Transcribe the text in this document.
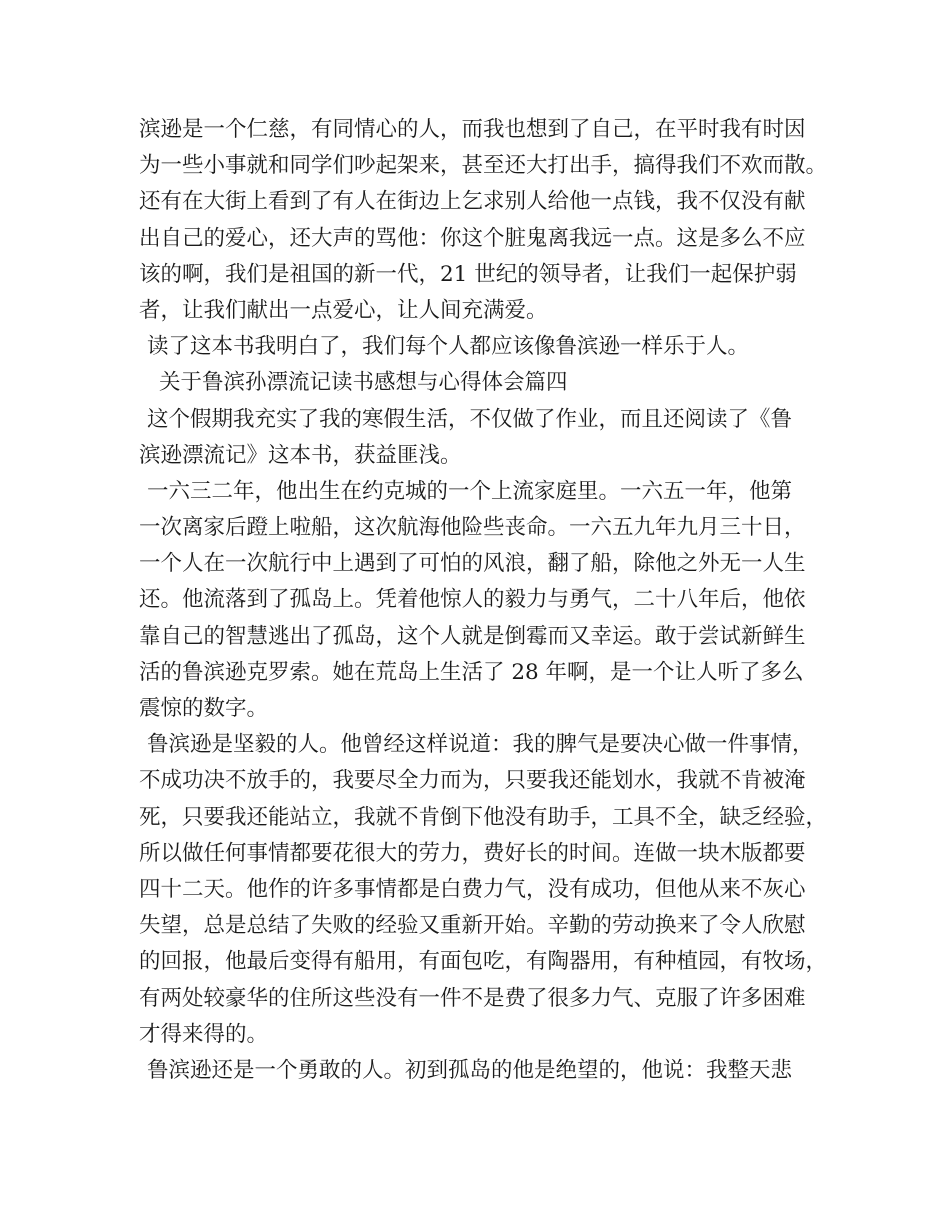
滨逊是一个仁慈，有同情心的人，而我也想到了自己，在平时我有时因
为一些小事就和同学们吵起架来，甚至还大打出手，搞得我们不欢而散。
还有在大街上看到了有人在街边上乞求别人给他一点钱，我不仅没有献
出自己的爱心，还大声的骂他：你这个脏鬼离我远一点。这是多么不应
该的啊，我们是祖国的新一代，21 世纪的领导者，让我们一起保护弱
者，让我们献出一点爱心，让人间充满爱。
读了这本书我明白了，我们每个人都应该像鲁滨逊一样乐于人。
关于鲁滨孙漂流记读书感想与心得体会篇四
这个假期我充实了我的寒假生活，不仅做了作业，而且还阅读了《鲁
滨逊漂流记》这本书，获益匪浅。
一六三二年，他出生在约克城的一个上流家庭里。一六五一年，他第
一次离家后蹬上啦船，这次航海他险些丧命。一六五九年九月三十日，
一个人在一次航行中上遇到了可怕的风浪，翻了船，除他之外无一人生
还。他流落到了孤岛上。凭着他惊人的毅力与勇气，二十八年后，他依
靠自己的智慧逃出了孤岛，这个人就是倒霉而又幸运。敢于尝试新鲜生
活的鲁滨逊克罗索。她在荒岛上生活了 28 年啊，是一个让人听了多么
震惊的数字。
鲁滨逊是坚毅的人。他曾经这样说道：我的脾气是要决心做一件事情，
不成功决不放手的，我要尽全力而为，只要我还能划水，我就不肯被淹
死，只要我还能站立，我就不肯倒下他没有助手，工具不全，缺乏经验，
所以做任何事情都要花很大的劳力，费好长的时间。连做一块木版都要
四十二天。他作的许多事情都是白费力气，没有成功，但他从来不灰心
失望，总是总结了失败的经验又重新开始。辛勤的劳动换来了令人欣慰
的回报，他最后变得有船用，有面包吃，有陶器用，有种植园，有牧场，
有两处较豪华的住所这些没有一件不是费了很多力气、克服了许多困难
才得来得的。
鲁滨逊还是一个勇敢的人。初到孤岛的他是绝望的，他说：我整天悲
